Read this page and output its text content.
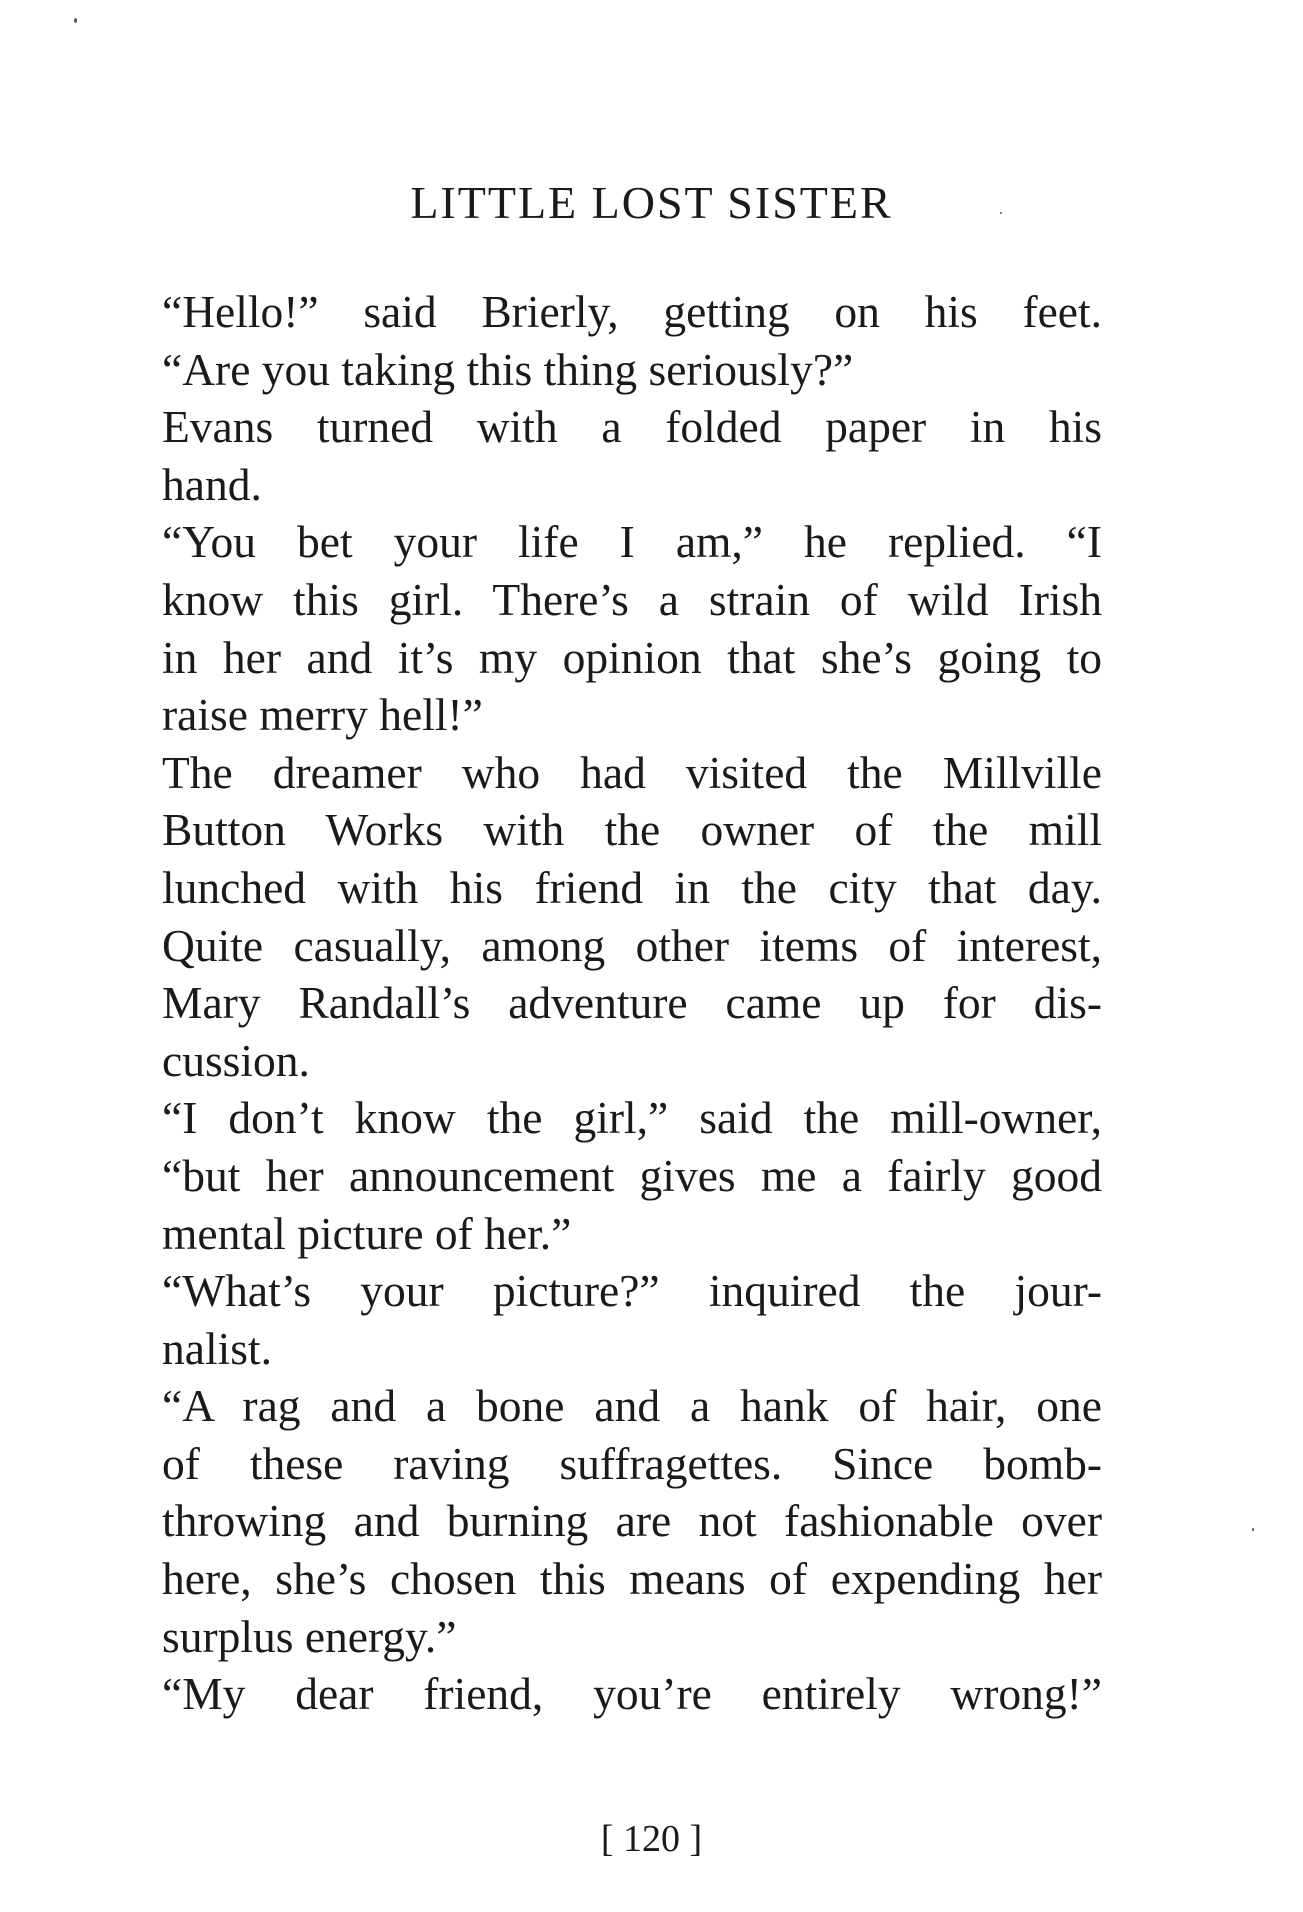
LITTLE LOST SISTER

“Hello!” said Brierly, getting on his feet.
“Are you taking this thing seriously?”

Evans turned with a folded paper in his
hand.

“You bet your life I am,” he replied. “I
know this girl. There’s a strain of wild Irish
in her and it’s my opinion that she’s going to
raise merry hell!”

The dreamer who had visited the Millville
Button Works with the owner of the mill
lunched with his friend in the city that day.
Quite casually, among other items of interest,
Mary Randall’s adventure came up for dis-
cussion.

“I don’t know the girl,” said the mill-owner,
“but her announcement gives me a fairly good
mental picture of her.”

“What’s your picture?” inquired the jour-
nalist.

“A rag and a bone and a hank of hair, one
of these raving suffragettes. Since bomb-
throwing and burning are not fashionable over
here, she’s chosen this means of expending her
surplus energy.”

“My dear friend, you’re entirely wrong!”

[ 120 ]
